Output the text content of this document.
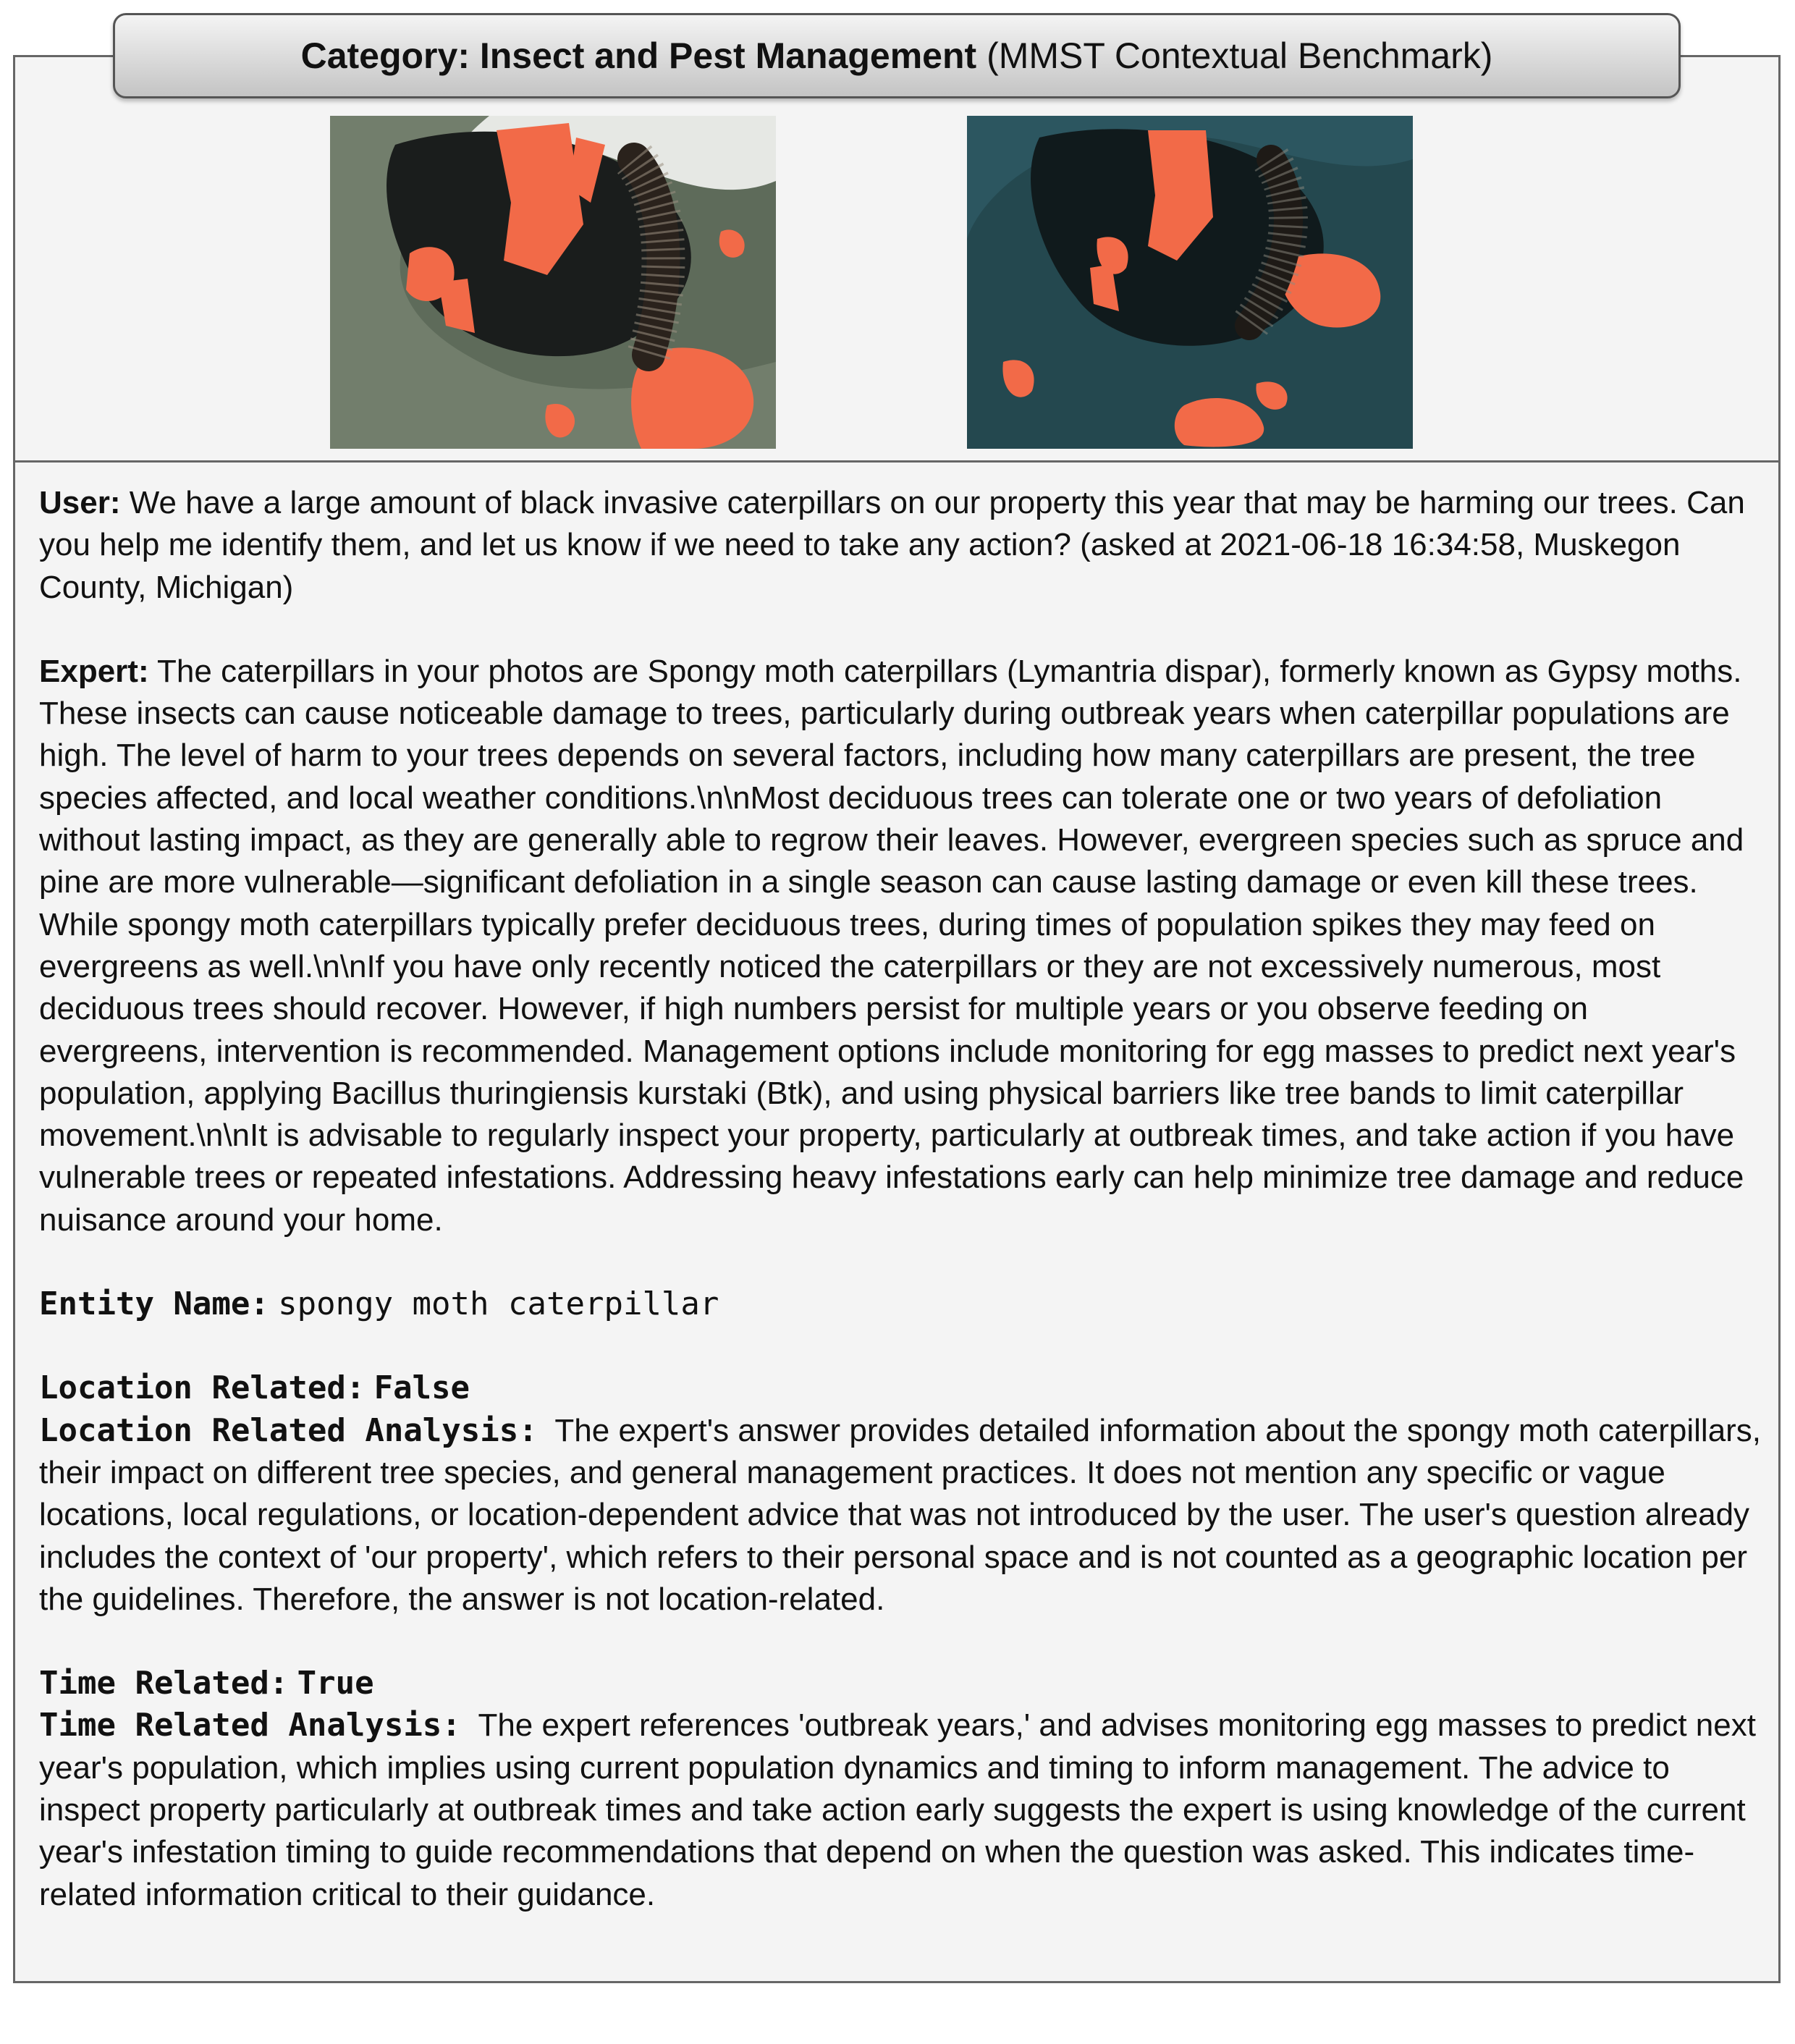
Category: Insect and Pest Management
(MMST Contextual Benchmark)

User: We have a large amount of black invasive caterpillars on our property this year that may be harming our trees. Can you help me identify them, and let us know if we need to take any action? (asked at 2021-06-18 16:34:58, Muskegon County, Michigan)

Expert: The caterpillars in your photos are Spongy moth caterpillars (Lymantria dispar), formerly known as Gypsy moths. These insects can cause noticeable damage to trees, particularly during outbreak years when caterpillar populations are high. The level of harm to your trees depends on several factors, including how many caterpillars are present, the tree species affected, and local weather conditions.\n\nMost deciduous trees can tolerate one or two years of defoliation without lasting impact, as they are generally able to regrow their leaves. However, evergreen species such as spruce and pine are more vulnerable—significant defoliation in a single season can cause lasting damage or even kill these trees. While spongy moth caterpillars typically prefer deciduous trees, during times of population spikes they may feed on evergreens as well.\n\nIf you have only recently noticed the caterpillars or they are not excessively numerous, most deciduous trees should recover. However, if high numbers persist for multiple years or you observe feeding on evergreens, intervention is recommended. Management options include monitoring for egg masses to predict next year's population, applying Bacillus thuringiensis kurstaki (Btk), and using physical barriers like tree bands to limit caterpillar movement.\n\nIt is advisable to regularly inspect your property, particularly at outbreak times, and take action if you have vulnerable trees or repeated infestations. Addressing heavy infestations early can help minimize tree damage and reduce nuisance around your home.

Entity Name: spongy moth caterpillar

Location Related: False

Location Related Analysis: The expert's answer provides detailed information about the spongy moth caterpillars, their impact on different tree species, and general management practices. It does not mention any specific or vague locations, local regulations, or location-dependent advice that was not introduced by the user. The user's question already includes the context of 'our property', which refers to their personal space and is not counted as a geographic location per the guidelines. Therefore, the answer is not location-related.

Time Related: True

Time Related Analysis: The expert references 'outbreak years,' and advises monitoring egg masses to predict next year's population, which implies using current population dynamics and timing to inform management. The advice to inspect property particularly at outbreak times and take action early suggests the expert is using knowledge of the current year's infestation timing to guide recommendations that depend on when the question was asked. This indicates time-related information critical to their guidance.
